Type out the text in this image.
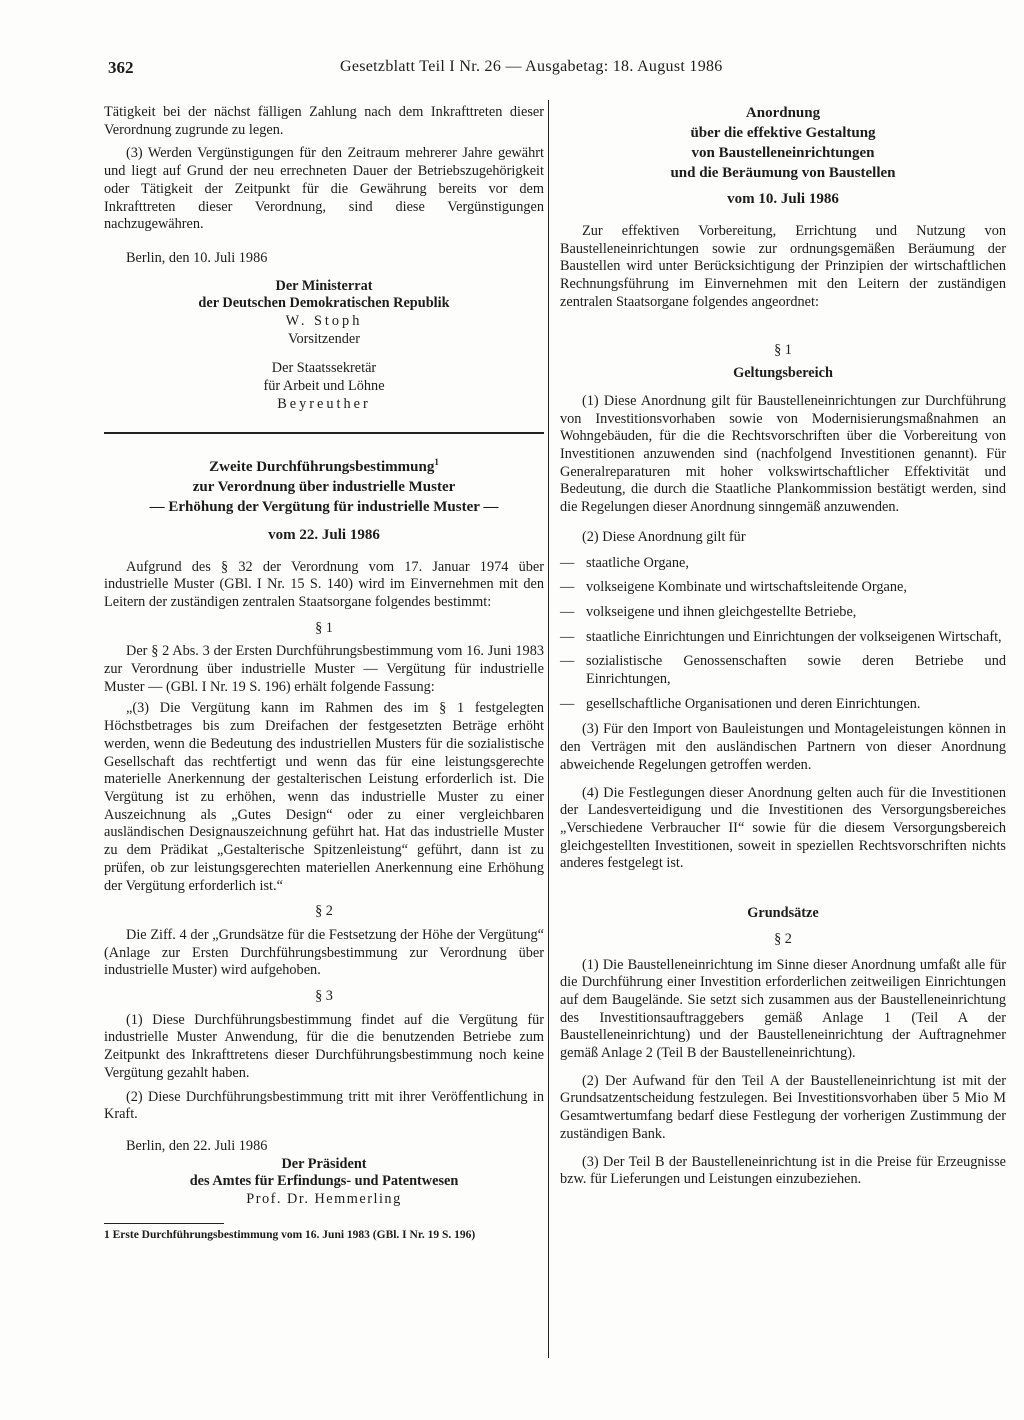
362	Gesetzblatt Teil I Nr. 26 — Ausgabetag: 18. August 1986

Tätigkeit bei der nächst fälligen Zahlung nach dem Inkrafttreten dieser Verordnung zugrunde zu legen.

(3) Werden Vergünstigungen für den Zeitraum mehrerer Jahre gewährt und liegt auf Grund der neu errechneten Dauer der Betriebszugehörigkeit oder Tätigkeit der Zeitpunkt für die Gewährung bereits vor dem Inkrafttreten dieser Verordnung, sind diese Vergünstigungen nachzugewähren.

Berlin, den 10. Juli 1986

Der Ministerrat

der Deutschen Demokratischen Republik

W. Stoph

Vorsitzender

Der Staatssekretär

für Arbeit und Löhne

Beyreuther

Zweite Durchführungsbestimmung$^1$

zur Verordnung über industrielle Muster

— Erhöhung der Vergütung für industrielle Muster —

vom 22. Juli 1986

Aufgrund des § 32 der Verordnung vom 17. Januar 1974 über industrielle Muster (GBl. I Nr. 15 S. 140) wird im Einvernehmen mit den Leitern der zuständigen zentralen Staatsorgane folgendes bestimmt:

§ 1

Der § 2 Abs. 3 der Ersten Durchführungsbestimmung vom 16. Juni 1983 zur Verordnung über industrielle Muster — Vergütung für industrielle Muster — (GBl. I Nr. 19 S. 196) erhält folgende Fassung:

„(3) Die Vergütung kann im Rahmen des im § 1 festgelegten Höchstbetrages bis zum Dreifachen der festgesetzten Beträge erhöht werden, wenn die Bedeutung des industriellen Musters für die sozialistische Gesellschaft das rechtfertigt und wenn das für eine leistungsgerechte materielle Anerkennung der gestalterischen Leistung erforderlich ist. Die Vergütung ist zu erhöhen, wenn das industrielle Muster zu einer Auszeichnung als „Gutes Design“ oder zu einer vergleichbaren ausländischen Designauszeichnung geführt hat. Hat das industrielle Muster zu dem Prädikat „Gestalterische Spitzenleistung“ geführt, dann ist zu prüfen, ob zur leistungsgerechten materiellen Anerkennung eine Erhöhung der Vergütung erforderlich ist.“

§ 2

Die Ziff. 4 der „Grundsätze für die Festsetzung der Höhe der Vergütung“ (Anlage zur Ersten Durchführungsbestimmung zur Verordnung über industrielle Muster) wird aufgehoben.

§ 3

(1) Diese Durchführungsbestimmung findet auf die Vergütung für industrielle Muster Anwendung, für die die benutzenden Betriebe zum Zeitpunkt des Inkrafttretens dieser Durchführungsbestimmung noch keine Vergütung gezahlt haben.

(2) Diese Durchführungsbestimmung tritt mit ihrer Veröffentlichung in Kraft.

Berlin, den 22. Juli 1986

Der Präsident

des Amtes für Erfindungs- und Patentwesen

Prof. Dr. Hemmerling

1 Erste Durchführungsbestimmung vom 16. Juni 1983 (GBl. I Nr. 19 S. 196)

Anordnung

über die effektive Gestaltung

von Baustelleneinrichtungen

und die Beräumung von Baustellen

vom 10. Juli 1986

Zur effektiven Vorbereitung, Errichtung und Nutzung von Baustelleneinrichtungen sowie zur ordnungsgemäßen Beräumung der Baustellen wird unter Berücksichtigung der Prinzipien der wirtschaftlichen Rechnungsführung im Einvernehmen mit den Leitern der zuständigen zentralen Staatsorgane folgendes angeordnet:

§ 1

Geltungsbereich

(1) Diese Anordnung gilt für Baustelleneinrichtungen zur Durchführung von Investitionsvorhaben sowie von Modernisierungsmaßnahmen an Wohngebäuden, für die die Rechtsvorschriften über die Vorbereitung von Investitionen anzuwenden sind (nachfolgend Investitionen genannt). Für Generalreparaturen mit hoher volkswirtschaftlicher Effektivität und Bedeutung, die durch die Staatliche Plankommission bestätigt werden, sind die Regelungen dieser Anordnung sinngemäß anzuwenden.

(2) Diese Anordnung gilt für

— staatliche Organe,
— volkseigene Kombinate und wirtschaftsleitende Organe,
— volkseigene und ihnen gleichgestellte Betriebe,
— staatliche Einrichtungen und Einrichtungen der volkseigenen Wirtschaft,
— sozialistische Genossenschaften sowie deren Betriebe und Einrichtungen,
— gesellschaftliche Organisationen und deren Einrichtungen.

(3) Für den Import von Bauleistungen und Montageleistungen können in den Verträgen mit den ausländischen Partnern von dieser Anordnung abweichende Regelungen getroffen werden.

(4) Die Festlegungen dieser Anordnung gelten auch für die Investitionen der Landesverteidigung und die Investitionen des Versorgungsbereiches „Verschiedene Verbraucher II“ sowie für die diesem Versorgungsbereich gleichgestellten Investitionen, soweit in speziellen Rechtsvorschriften nichts anderes festgelegt ist.

Grundsätze

§ 2

(1) Die Baustelleneinrichtung im Sinne dieser Anordnung umfaßt alle für die Durchführung einer Investition erforderlichen zeitweiligen Einrichtungen auf dem Baugelände. Sie setzt sich zusammen aus der Baustelleneinrichtung des Investitionsauftraggebers gemäß Anlage 1 (Teil A der Baustelleneinrichtung) und der Baustelleneinrichtung der Auftragnehmer gemäß Anlage 2 (Teil B der Baustelleneinrichtung).

(2) Der Aufwand für den Teil A der Baustelleneinrichtung ist mit der Grundsatzentscheidung festzulegen. Bei Investitionsvorhaben über 5 Mio M Gesamtwertumfang bedarf diese Festlegung der vorherigen Zustimmung der zuständigen Bank.

(3) Der Teil B der Baustelleneinrichtung ist in die Preise für Erzeugnisse bzw. für Lieferungen und Leistungen einzubeziehen.
